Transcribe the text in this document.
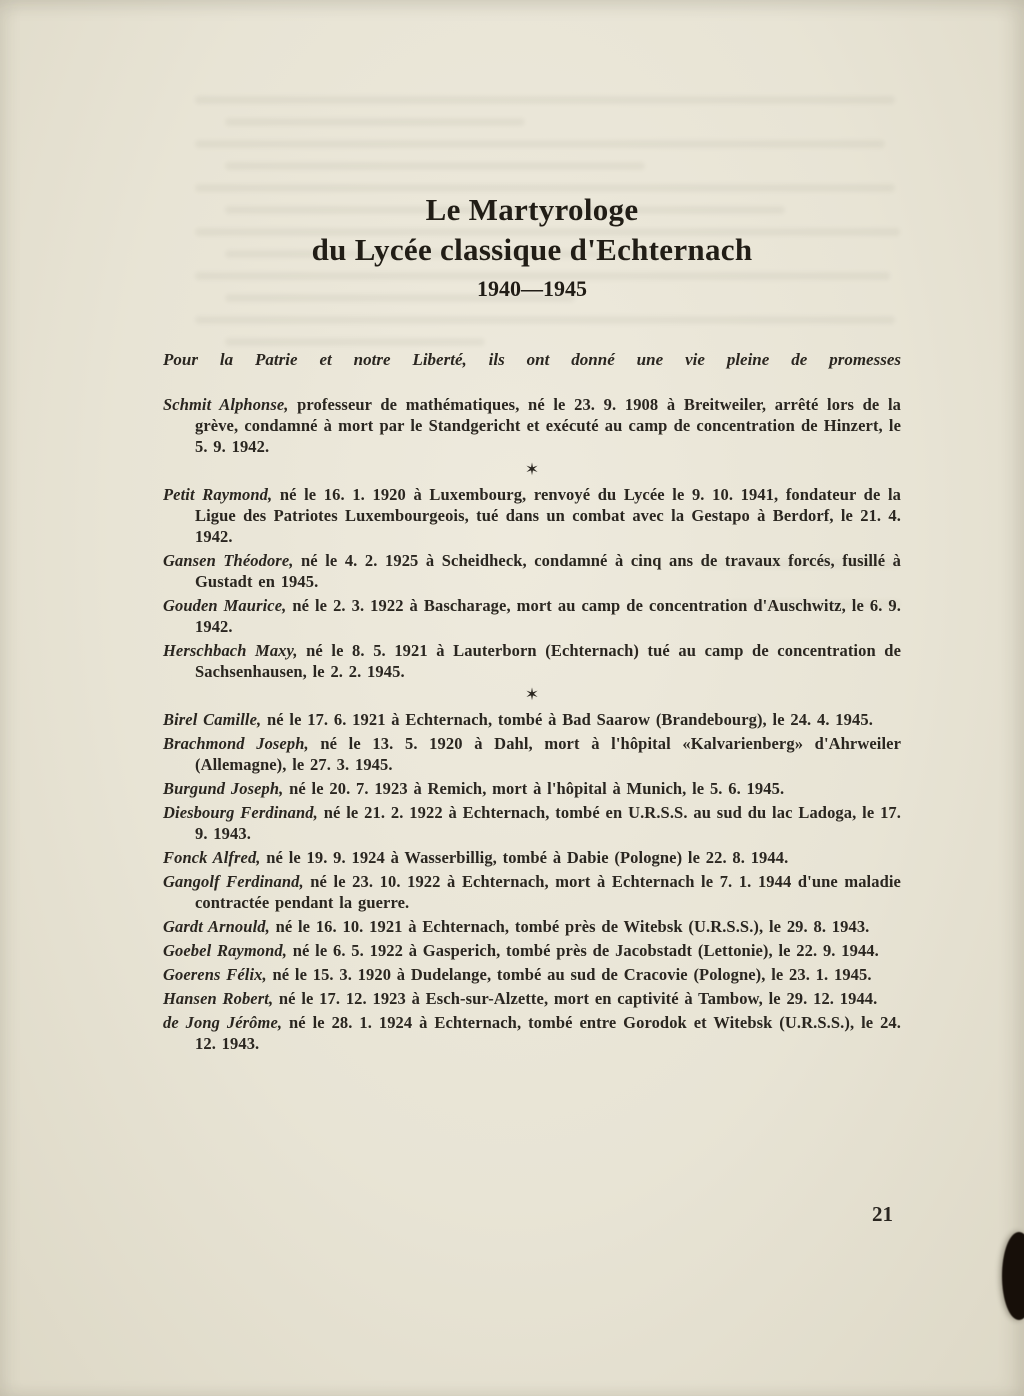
Le Martyrologe
du Lycée classique d'Echternach
1940—1945

Pour la Patrie et notre Liberté, ils ont donné une vie pleine de promesses

Schmit Alphonse, professeur de mathématiques, né le 23. 9. 1908 à Breitweiler, arrêté lors de la grève, condamné à mort par le Standgericht et exécuté au camp de concentration de Hinzert, le 5. 9. 1942.

✶

Petit Raymond, né le 16. 1. 1920 à Luxembourg, renvoyé du Lycée le 9. 10. 1941, fondateur de la Ligue des Patriotes Luxembourgeois, tué dans un combat avec la Gestapo à Berdorf, le 21. 4. 1942.

Gansen Théodore, né le 4. 2. 1925 à Scheidheck, condamné à cinq ans de travaux forcés, fusillé à Gustadt en 1945.

Gouden Maurice, né le 2. 3. 1922 à Bascharage, mort au camp de concentration d'Auschwitz, le 6. 9. 1942.

Herschbach Maxy, né le 8. 5. 1921 à Lauterborn (Echternach) tué au camp de concentration de Sachsenhausen, le 2. 2. 1945.

✶

Birel Camille, né le 17. 6. 1921 à Echternach, tombé à Bad Saarow (Brandebourg), le 24. 4. 1945.

Brachmond Joseph, né le 13. 5. 1920 à Dahl, mort à l'hôpital «Kalvarienberg» d'Ahrweiler (Allemagne), le 27. 3. 1945.

Burgund Joseph, né le 20. 7. 1923 à Remich, mort à l'hôpital à Munich, le 5. 6. 1945.

Diesbourg Ferdinand, né le 21. 2. 1922 à Echternach, tombé en U.R.S.S. au sud du lac Ladoga, le 17. 9. 1943.

Fonck Alfred, né le 19. 9. 1924 à Wasserbillig, tombé à Dabie (Pologne) le 22. 8. 1944.

Gangolf Ferdinand, né le 23. 10. 1922 à Echternach, mort à Echternach le 7. 1. 1944 d'une maladie contractée pendant la guerre.

Gardt Arnould, né le 16. 10. 1921 à Echternach, tombé près de Witebsk (U.R.S.S.), le 29. 8. 1943.

Goebel Raymond, né le 6. 5. 1922 à Gasperich, tombé près de Jacobstadt (Lettonie), le 22. 9. 1944.

Goerens Félix, né le 15. 3. 1920 à Dudelange, tombé au sud de Cracovie (Pologne), le 23. 1. 1945.

Hansen Robert, né le 17. 12. 1923 à Esch-sur-Alzette, mort en captivité à Tambow, le 29. 12. 1944.

de Jong Jérôme, né le 28. 1. 1924 à Echternach, tombé entre Gorodok et Witebsk (U.R.S.S.), le 24. 12. 1943.

21
